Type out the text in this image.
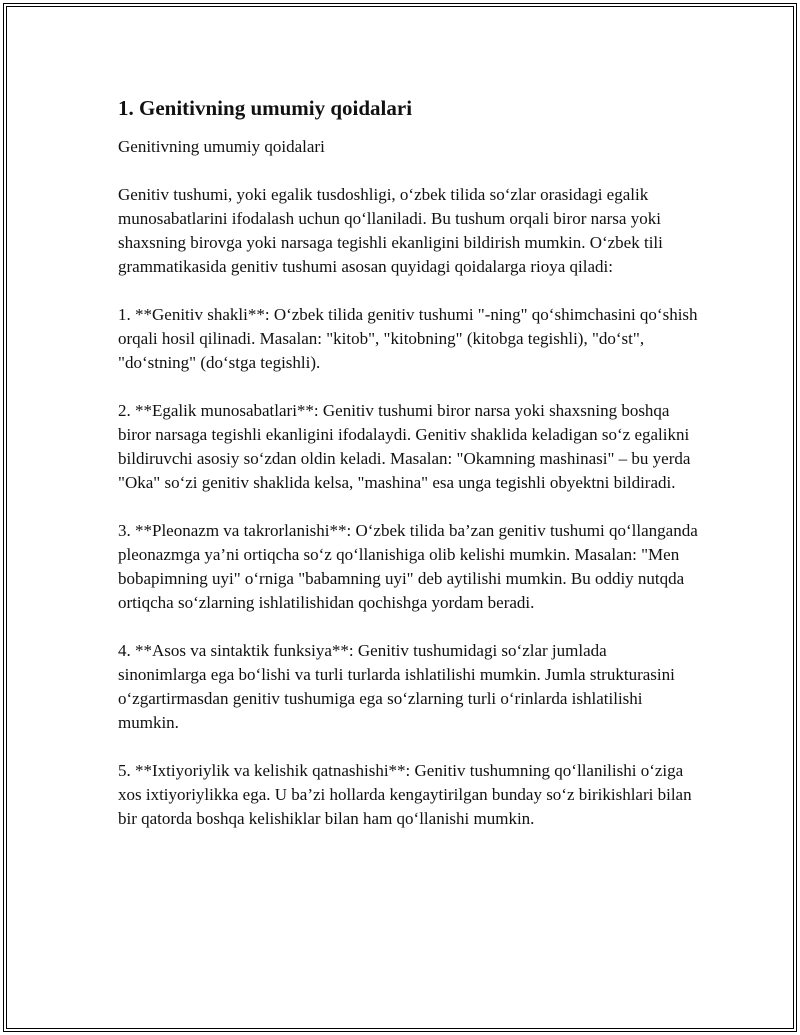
1. Genitivning umumiy qoidalari

Genitivning umumiy qoidalari

Genitiv tushumi, yoki egalik tusdoshligi, o‘zbek tilida so‘zlar orasidagi egalik munosabatlarini ifodalash uchun qo‘llaniladi. Bu tushum orqali biror narsa yoki shaxsning birovga yoki narsaga tegishli ekanligini bildirish mumkin. O‘zbek tili grammatikasida genitiv tushumi asosan quyidagi qoidalarga rioya qiladi:

1. **Genitiv shakli**: O‘zbek tilida genitiv tushumi "-ning" qo‘shimchasini qo‘shish orqali hosil qilinadi. Masalan: "kitob", "kitobning" (kitobga tegishli), "do‘st", "do‘stning" (do‘stga tegishli).

2. **Egalik munosabatlari**: Genitiv tushumi biror narsa yoki shaxsning boshqa biror narsaga tegishli ekanligini ifodalaydi. Genitiv shaklida keladigan so‘z egalikni bildiruvchi asosiy so‘zdan oldin keladi. Masalan: "Okamning mashinasi" – bu yerda "Oka" so‘zi genitiv shaklida kelsa, "mashina" esa unga tegishli obyektni bildiradi.

3. **Pleonazm va takrorlanishi**: O‘zbek tilida ba’zan genitiv tushumi qo‘llanganda pleonazmga ya’ni ortiqcha so‘z qo‘llanishiga olib kelishi mumkin. Masalan: "Men bobapimning uyi" o‘rniga "babamning uyi" deb aytilishi mumkin. Bu oddiy nutqda ortiqcha so‘zlarning ishlatilishidan qochishga yordam beradi.

4. **Asos va sintaktik funksiya**: Genitiv tushumidagi so‘zlar jumlada sinonimlarga ega bo‘lishi va turli turlarda ishlatilishi mumkin. Jumla strukturasini o‘zgartirmasdan genitiv tushumiga ega so‘zlarning turli o‘rinlarda ishlatilishi mumkin.

5. **Ixtiyoriylik va kelishik qatnashishi**: Genitiv tushumning qo‘llanilishi o‘ziga xos ixtiyoriylikka ega. U ba’zi hollarda kengaytirilgan bunday so‘z birikishlari bilan bir qatorda boshqa kelishiklar bilan ham qo‘llanishi mumkin.
